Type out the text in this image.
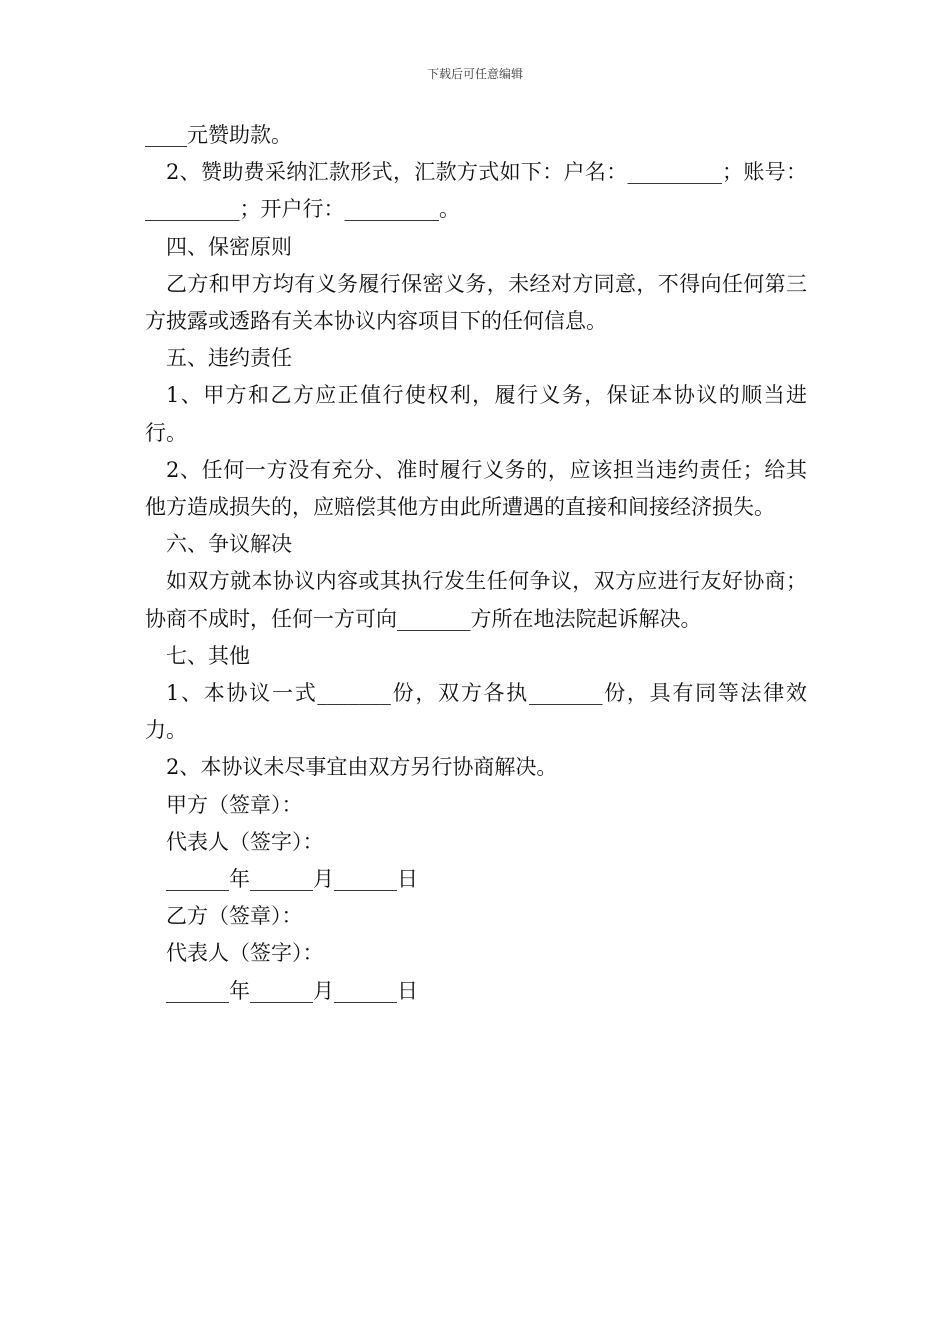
下载后可任意编辑

____元赞助款。

2、赞助费采纳汇款形式，汇款方式如下：户名：_________；账号：_________；开户行：_________。

四、保密原则

乙方和甲方均有义务履行保密义务，未经对方同意，不得向任何第三方披露或透路有关本协议内容项目下的任何信息。

五、违约责任

1、甲方和乙方应正值行使权利，履行义务，保证本协议的顺当进行。

2、任何一方没有充分、准时履行义务的，应该担当违约责任；给其他方造成损失的，应赔偿其他方由此所遭遇的直接和间接经济损失。

六、争议解决

如双方就本协议内容或其执行发生任何争议，双方应进行友好协商；协商不成时，任何一方可向_______方所在地法院起诉解决。

七、其他

1、本协议一式_______份，双方各执_______份，具有同等法律效力。

2、本协议未尽事宜由双方另行协商解决。

甲方（签章）：

代表人（签字）：

______年______月______日

乙方（签章）：

代表人（签字）：

______年______月______日
